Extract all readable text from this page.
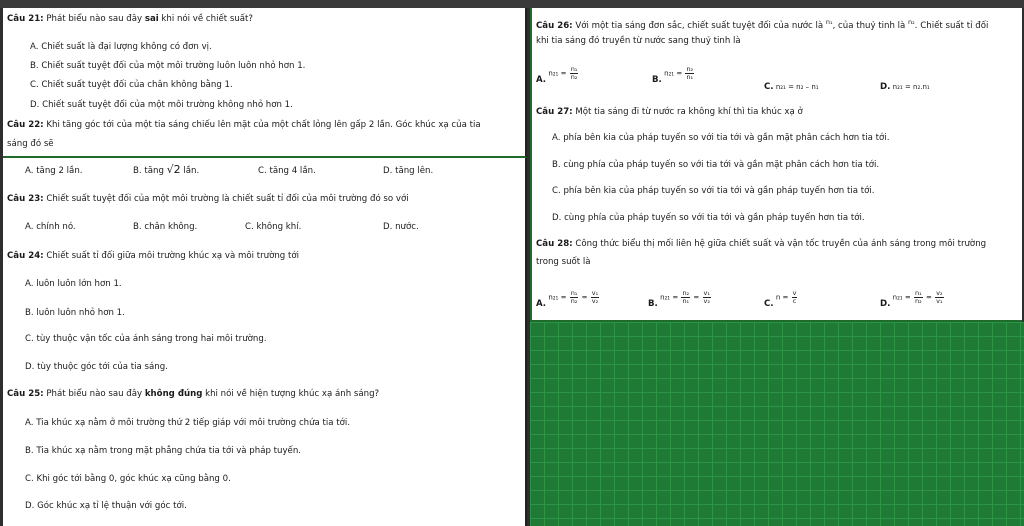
Câu 21: Phát biểu nào sau đây sai khi nói về chiết suất?
A. Chiết suất là đại lượng không có đơn vị.
B. Chiết suất tuyệt đối của một môi trường luôn luôn nhỏ hơn 1.
C. Chiết suất tuyệt đối của chân không bằng 1.
D. Chiết suất tuyệt đối của một môi trường không nhỏ hơn 1.
Câu 22: Khi tăng góc tới của một tia sáng chiếu lên mặt của một chất lỏng lên gấp 2 lần. Góc khúc xạ của tia
sáng đó sẽ
A. tăng 2 lần.	B. tăng √2 lần.	C. tăng 4 lần.	D. tăng lên.
Câu 23: Chiết suất tuyệt đối của một môi trường là chiết suất tỉ đối của môi trường đó so với
A. chính nó.	B. chân không.	C. không khí.	D. nước.
Câu 24: Chiết suất tỉ đối giữa môi trường khúc xạ và môi trường tới
A. luôn luôn lớn hơn 1.
B. luôn luôn nhỏ hơn 1.
C. tùy thuộc vận tốc của ánh sáng trong hai môi trường.
D. tùy thuộc góc tới của tia sáng.
Câu 25: Phát biểu nào sau đây không đúng khi nói về hiện tượng khúc xạ ánh sáng?
A. Tia khúc xạ nằm ở môi trường thứ 2 tiếp giáp với môi trường chứa tia tới.
B. Tia khúc xạ nằm trong mặt phẳng chứa tia tới và pháp tuyến.
C. Khi góc tới bằng 0, góc khúc xạ cũng bằng 0.
D. Góc khúc xạ tỉ lệ thuận với góc tới.
Câu 26: Với một tia sáng đơn sắc, chiết suất tuyệt đối của nước là $^{n_1}$, của thuỷ tinh là $^{n_2}$. Chiết suất tỉ đối
khi tia sáng đó truyền từ nước sang thuỷ tinh là
A. $n_{21} = \frac{\text{n₁}}{\text{n₂}}$	B. $n_{21} = \frac{\text{n₂}}{\text{n₁}}$
C. n₂₁ = n₂ – n₁	D. n₂₁ = n₂.n₁
Câu 27: Một tia sáng đi từ nước ra không khí thì tia khúc xạ ở
A. phía bên kia của pháp tuyến so với tia tới và gần mặt phân cách hơn tia tới.
B. cùng phía của pháp tuyến so với tia tới và gần mặt phân cách hơn tia tới.
C. phía bên kia của pháp tuyến so với tia tới và gần pháp tuyến hơn tia tới.
D. cùng phía của pháp tuyến so với tia tới và gần pháp tuyến hơn tia tới.
Câu 28: Công thức biểu thị mối liên hệ giữa chiết suất và vận tốc truyền của ánh sáng trong môi trường
trong suốt là
A. $n_{21} = \frac{\text{n₁}}{\text{n₂}} = \frac{\text{v₁}}{\text{v₂}}$	B. $n_{21} = \frac{\text{n₂}}{\text{n₁}} = \frac{\text{v₁}}{\text{v₂}}$	C. $n = \frac{v}{c}$	D. $n_{21} = \frac{\text{n₁}}{\text{n₂}} = \frac{\text{v₂}}{\text{v₁}}$
